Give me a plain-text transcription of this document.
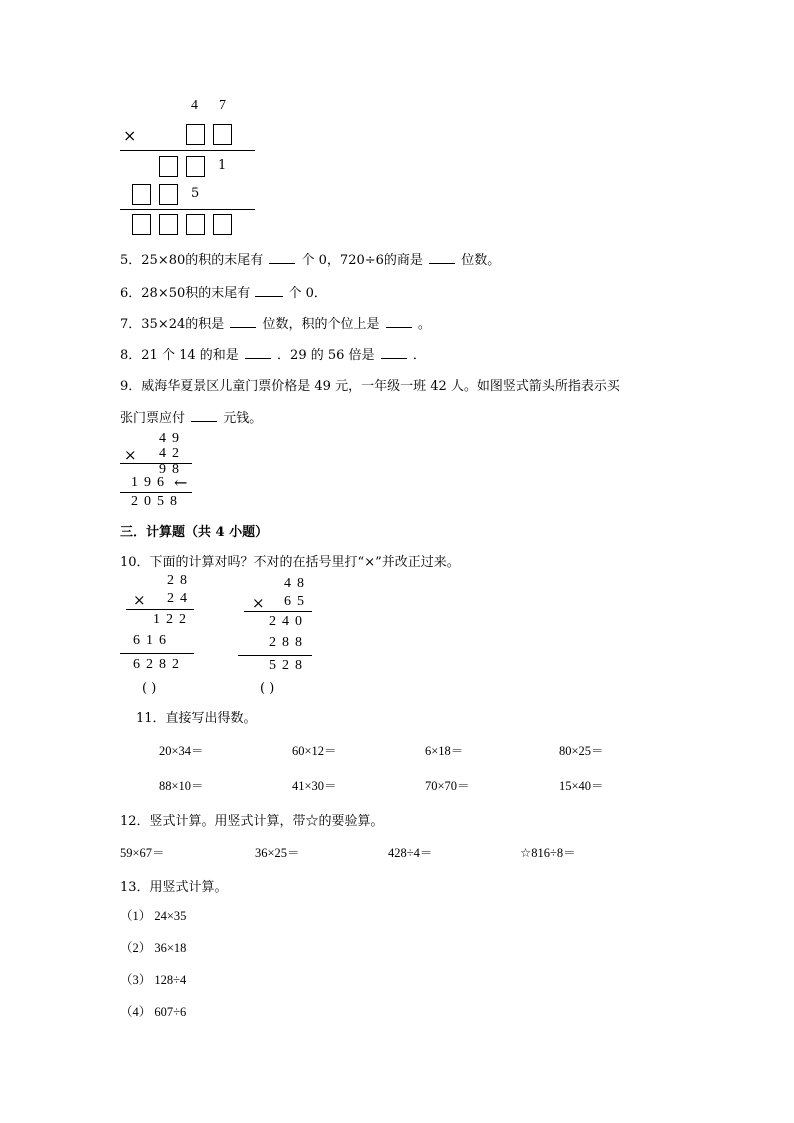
4 7
×
1
5
5．25×80的积的末尾有	个 0，720÷6的商是	位数。
6．28×50积的末尾有	个 0．
7．35×24的积是	位数，积的个位上是	。
8．21 个 14 的和是	．29 的 56 倍是	．
9．威海华夏景区儿童门票价格是 49 元，一年级一班 42 人。如图竖式箭头所指表示买
张门票应付	元钱。
49
× 42
98
196 ←
2058
三．计算题（共 4 小题）
10．下面的计算对吗？不对的在括号里打“×”并改正过来。
28
× 24
122
616
6282
( )
48
× 65
240
288
528
( )
11．直接写出得数。
20×34＝	60×12＝	6×18＝	80×25＝
88×10＝	41×30＝	70×70＝	15×40＝
12．竖式计算。用竖式计算，带☆的要验算。
59×67＝	36×25＝	428÷4＝	☆816÷8＝
13．用竖式计算。
（1） 24×35
（2） 36×18
（3） 128÷4
（4） 607÷6
